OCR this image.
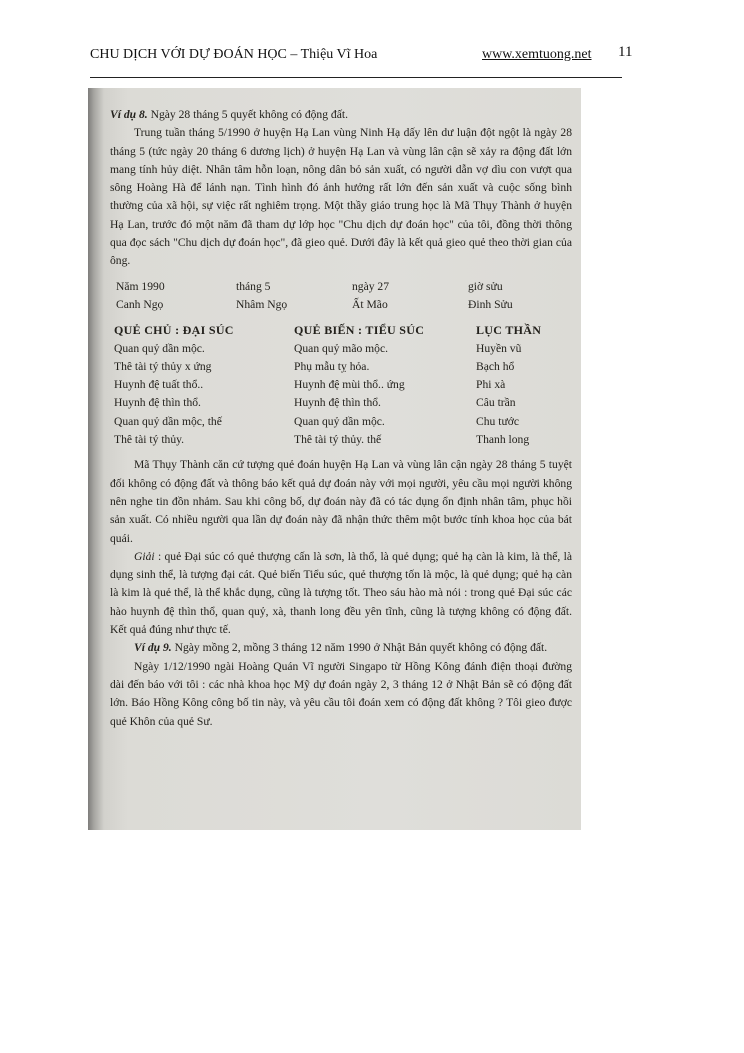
CHU DỊCH VỚI DỰ ĐOÁN HỌC – Thiệu Vĩ Hoa	www.xemtuong.net 11

Ví dụ 8. Ngày 28 tháng 5 quyết không có động đất.

Trung tuần tháng 5/1990 ở huyện Hạ Lan vùng Ninh Hạ dấy lên dư luận đột ngột là ngày 28 tháng 5 (tức ngày 20 tháng 6 dương lịch) ở huyện Hạ Lan và vùng lân cận sẽ xảy ra động đất lớn mang tính hủy diệt. Nhân tâm hỗn loạn, nông dân bỏ sản xuất, có người dẫn vợ dìu con vượt qua sông Hoàng Hà để lánh nạn. Tình hình đó ảnh hưởng rất lớn đến sản xuất và cuộc sống bình thường của xã hội, sự việc rất nghiêm trọng. Một thầy giáo trung học là Mã Thụy Thành ở huyện Hạ Lan, trước đó một năm đã tham dự lớp học "Chu dịch dự đoán học" của tôi, đồng thời thông qua đọc sách "Chu dịch dự đoán học", đã gieo quẻ. Dưới đây là kết quả gieo quẻ theo thời gian của ông.

Năm 1990	tháng 5	ngày 27	giờ sửu
Canh Ngọ	Nhâm Ngọ	Ất Mão	Đinh Sửu
QUẺ CHỦ : ĐẠI SÚC	QUẺ BIẾN : TIỂU SÚC	LỤC THẦN
Quan quỷ dần mộc.	Quan quỷ mão mộc.	Huyền vũ
Thê tài tý thủy x ứng	Phụ mẫu tỵ hỏa.	Bạch hổ
Huynh đệ tuất thổ..	Huynh đệ mùi thổ.. ứng	Phi xà
Huynh đệ thìn thổ.	Huynh đệ thìn thổ.	Câu trần
Quan quỷ dần mộc, thế	Quan quỷ dần mộc.	Chu tước
Thê tài tý thủy.	Thê tài tý thủy. thế	Thanh long

Mã Thụy Thành căn cứ tượng quẻ đoán huyện Hạ Lan và vùng lân cận ngày 28 tháng 5 tuyệt đối không có động đất và thông báo kết quả dự đoán này với mọi người, yêu cầu mọi người không nên nghe tin đồn nhảm. Sau khi công bố, dự đoán này đã có tác dụng ổn định nhân tâm, phục hồi sản xuất. Có nhiều người qua lần dự đoán này đã nhận thức thêm một bước tính khoa học của bát quái.

Giải : quẻ Đại súc có quẻ thượng cấn là sơn, là thổ, là quẻ dụng; quẻ hạ càn là kim, là thể, là dụng sinh thể, là tượng đại cát. Quẻ biến Tiểu súc, quẻ thượng tốn là mộc, là quẻ dụng; quẻ hạ càn là kim là quẻ thể, là thể khắc dụng, cũng là tượng tốt. Theo sáu hào mà nói : trong quẻ Đại súc các hào huynh đệ thìn thổ, quan quỷ, xà, thanh long đều yên tĩnh, cũng là tượng không có động đất. Kết quả đúng như thực tế.

Ví dụ 9. Ngày mồng 2, mồng 3 tháng 12 năm 1990 ở Nhật Bản quyết không có động đất.

Ngày 1/12/1990 ngài Hoàng Quán Vĩ người Singapo từ Hồng Kông đánh điện thoại đường dài đến báo với tôi : các nhà khoa học Mỹ dự đoán ngày 2, 3 tháng 12 ở Nhật Bản sẽ có động đất lớn. Báo Hồng Kông công bố tin này, và yêu cầu tôi đoán xem có động đất không ? Tôi gieo được quẻ Khôn của quẻ Sư.
